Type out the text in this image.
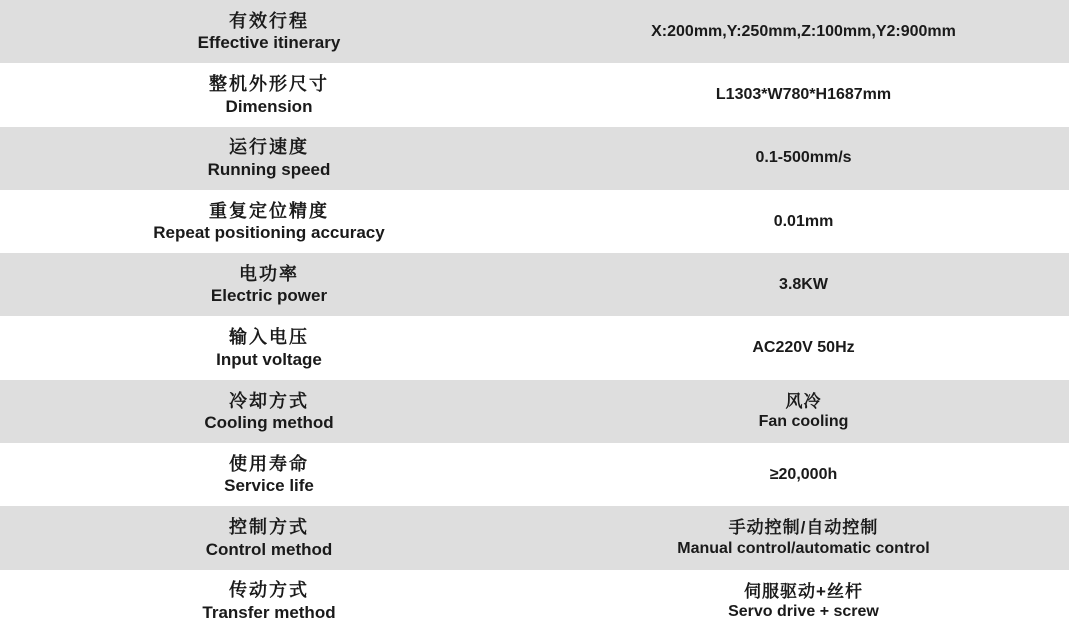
有效行程
Effective itinerary	X:200mm,Y:250mm,Z:100mm,Y2:900mm

整机外形尺寸
Dimension	L1303*W780*H1687mm

运行速度
Running speed	0.1-500mm/s

重复定位精度
Repeat positioning accuracy	0.01mm

电功率
Electric power	3.8KW

输入电压
Input voltage	AC220V 50Hz

冷却方式
Cooling method	风冷
Fan cooling

使用寿命
Service life	≥20,000h

控制方式
Control method	手动控制/自动控制
Manual control/automatic control

传动方式
Transfer method	伺服驱动+丝杆
Servo drive + screw
